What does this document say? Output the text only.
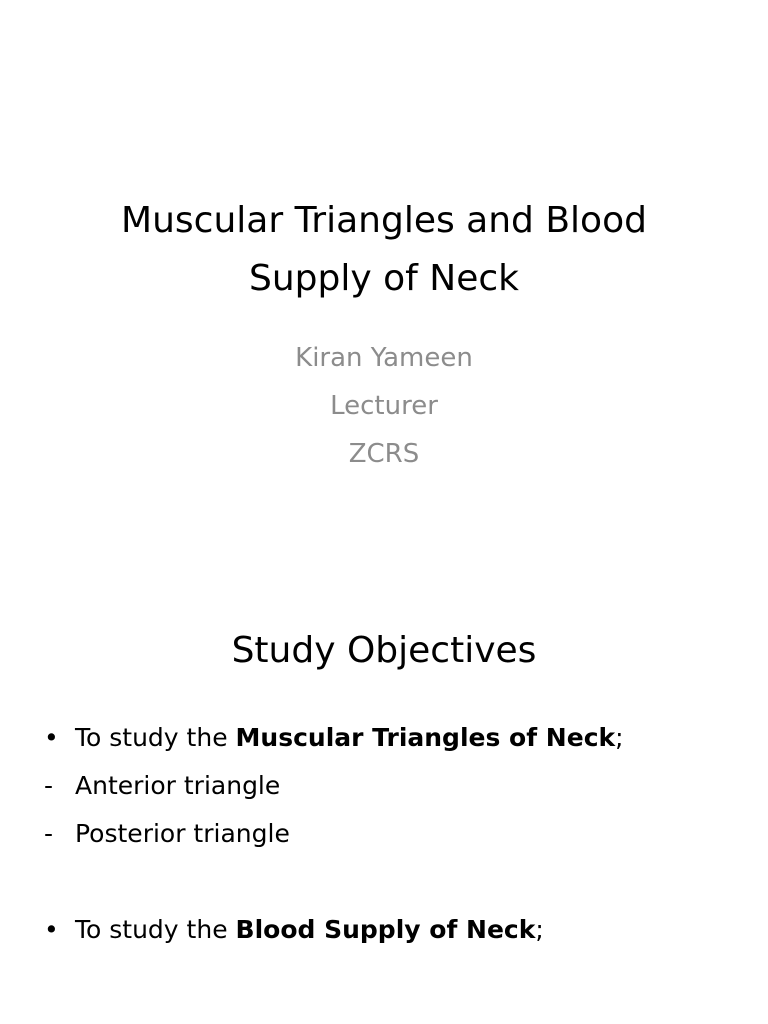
Muscular Triangles and Blood
Supply of Neck
Kiran Yameen
Lecturer
ZCRS
Study Objectives
• To study the Muscular Triangles of Neck;
- Anterior triangle
- Posterior triangle
• To study the Blood Supply of Neck;
